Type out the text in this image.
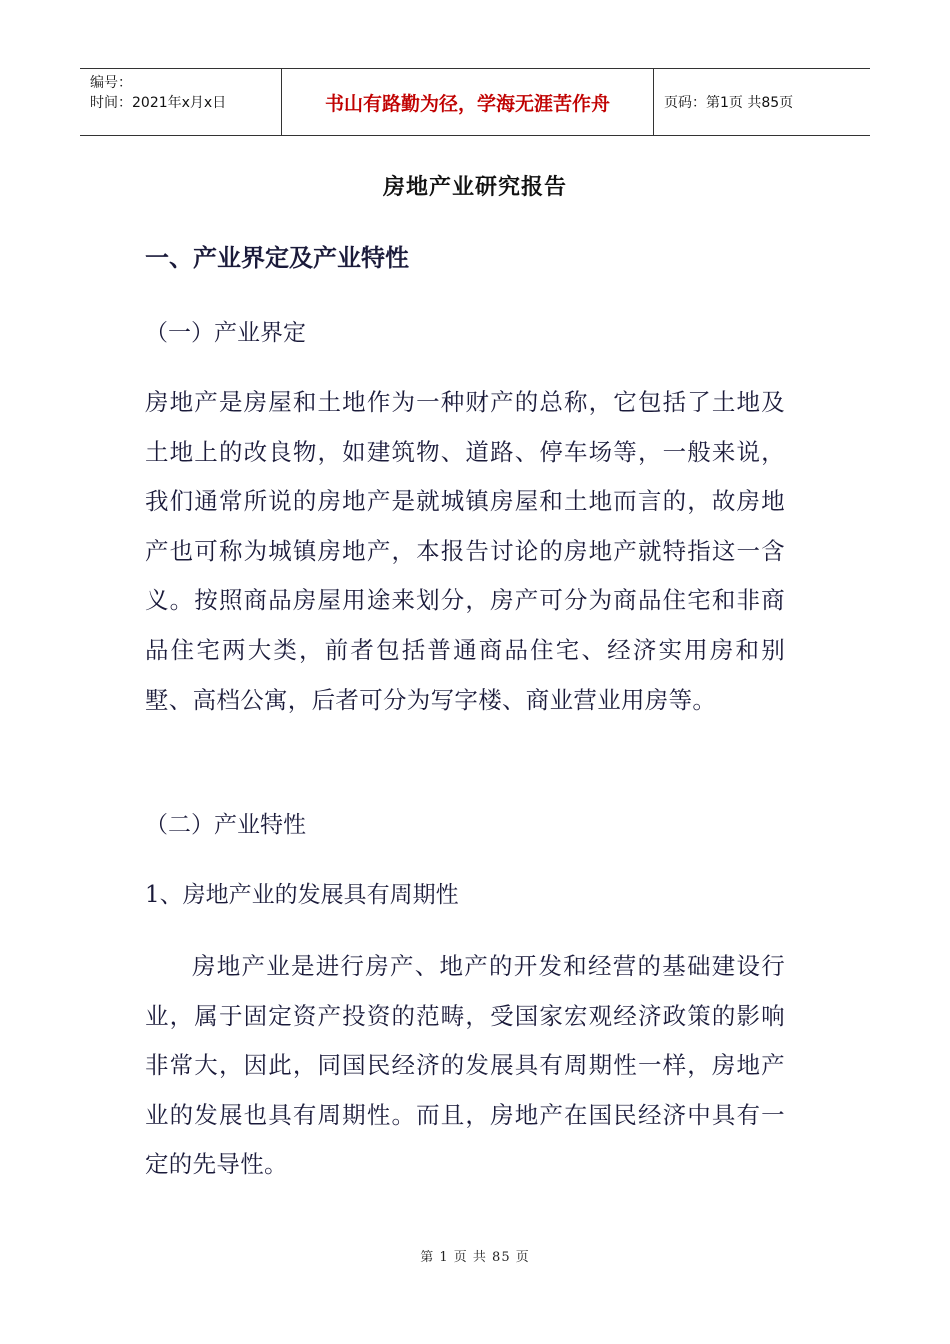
编号：
时间：2021年x月x日	书山有路勤为径，学海无涯苦作舟	页码：第1页 共85页
房地产业研究报告
一、产业界定及产业特性
（一）产业界定
房地产是房屋和土地作为一种财产的总称，它包括了土地及土地上的改良物，如建筑物、道路、停车场等，一般来说，我们通常所说的房地产是就城镇房屋和土地而言的，故房地产也可称为城镇房地产，本报告讨论的房地产就特指这一含义。按照商品房屋用途来划分，房产可分为商品住宅和非商品住宅两大类，前者包括普通商品住宅、经济实用房和别墅、高档公寓，后者可分为写字楼、商业营业用房等。
（二）产业特性
1、房地产业的发展具有周期性
房地产业是进行房产、地产的开发和经营的基础建设行业，属于固定资产投资的范畴，受国家宏观经济政策的影响非常大，因此，同国民经济的发展具有周期性一样，房地产业的发展也具有周期性。而且，房地产在国民经济中具有一定的先导性。
第 1 页 共 85 页
